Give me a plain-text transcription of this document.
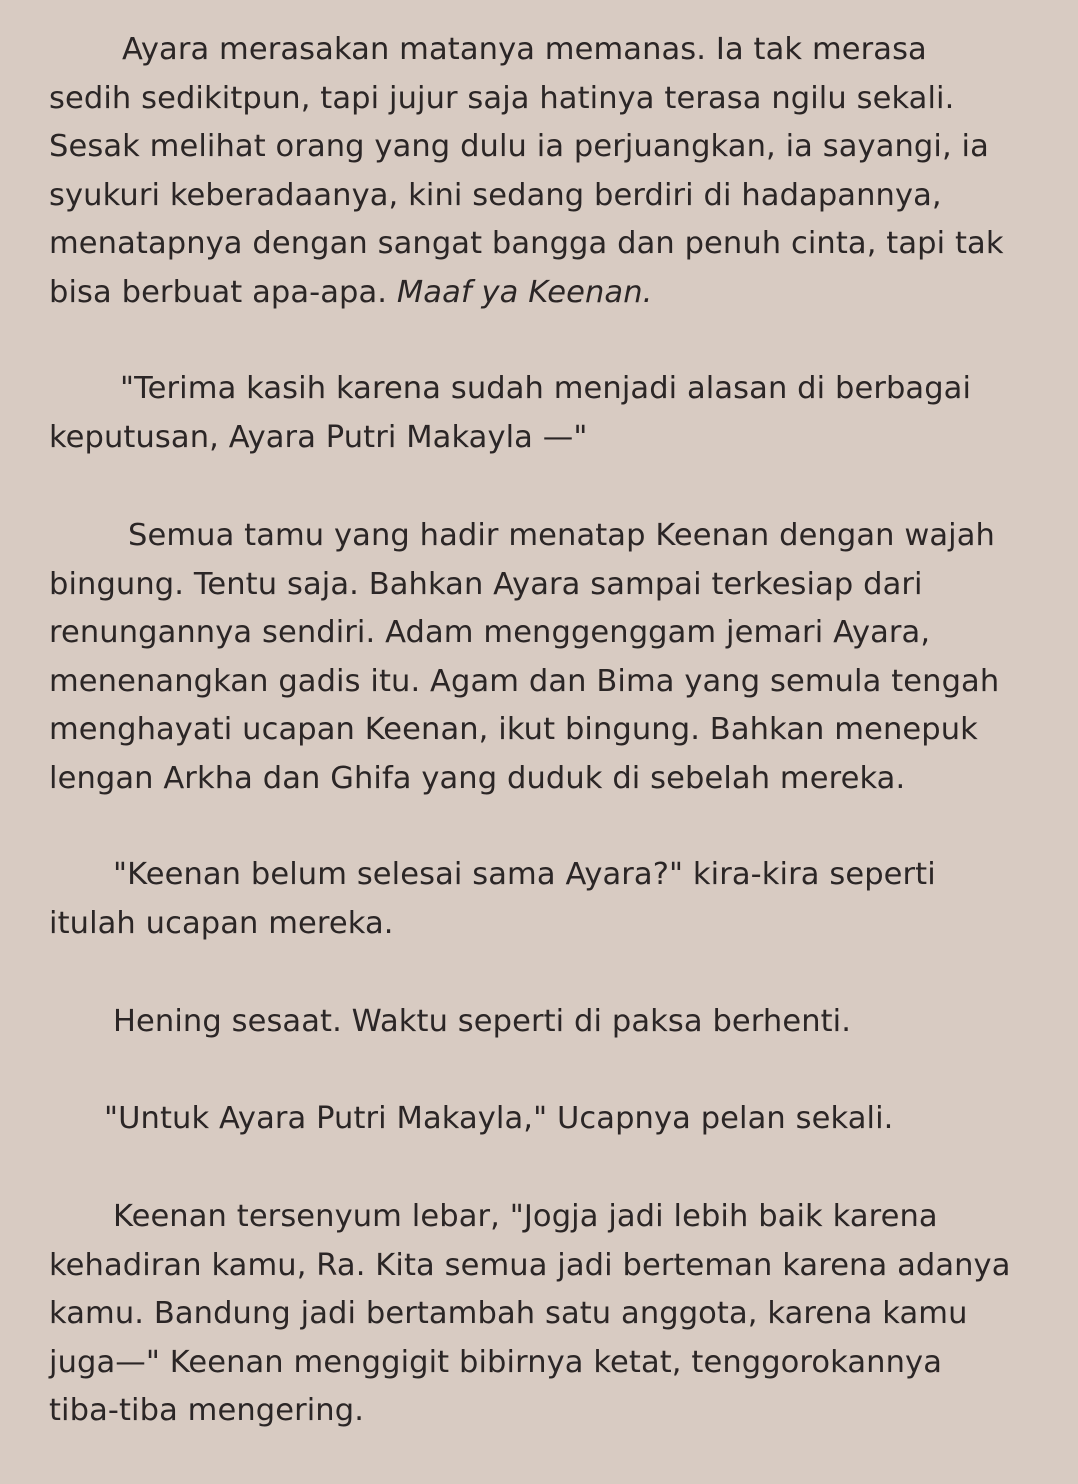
Ayara merasakan matanya memanas. Ia tak merasa
sedih sedikitpun, tapi jujur saja hatinya terasa ngilu sekali.
Sesak melihat orang yang dulu ia perjuangkan, ia sayangi, ia
syukuri keberadaanya, kini sedang berdiri di hadapannya,
menatapnya dengan sangat bangga dan penuh cinta, tapi tak
bisa berbuat apa-apa. Maaf ya Keenan.

"Terima kasih karena sudah menjadi alasan di berbagai
keputusan, Ayara Putri Makayla —"

Semua tamu yang hadir menatap Keenan dengan wajah
bingung. Tentu saja. Bahkan Ayara sampai terkesiap dari
renungannya sendiri. Adam menggenggam jemari Ayara,
menenangkan gadis itu. Agam dan Bima yang semula tengah
menghayati ucapan Keenan, ikut bingung. Bahkan menepuk
lengan Arkha dan Ghifa yang duduk di sebelah mereka.

"Keenan belum selesai sama Ayara?" kira-kira seperti
itulah ucapan mereka.

Hening sesaat. Waktu seperti di paksa berhenti.

"Untuk Ayara Putri Makayla," Ucapnya pelan sekali.

Keenan tersenyum lebar, "Jogja jadi lebih baik karena
kehadiran kamu, Ra. Kita semua jadi berteman karena adanya
kamu. Bandung jadi bertambah satu anggota, karena kamu
juga—" Keenan menggigit bibirnya ketat, tenggorokannya
tiba-tiba mengering.
